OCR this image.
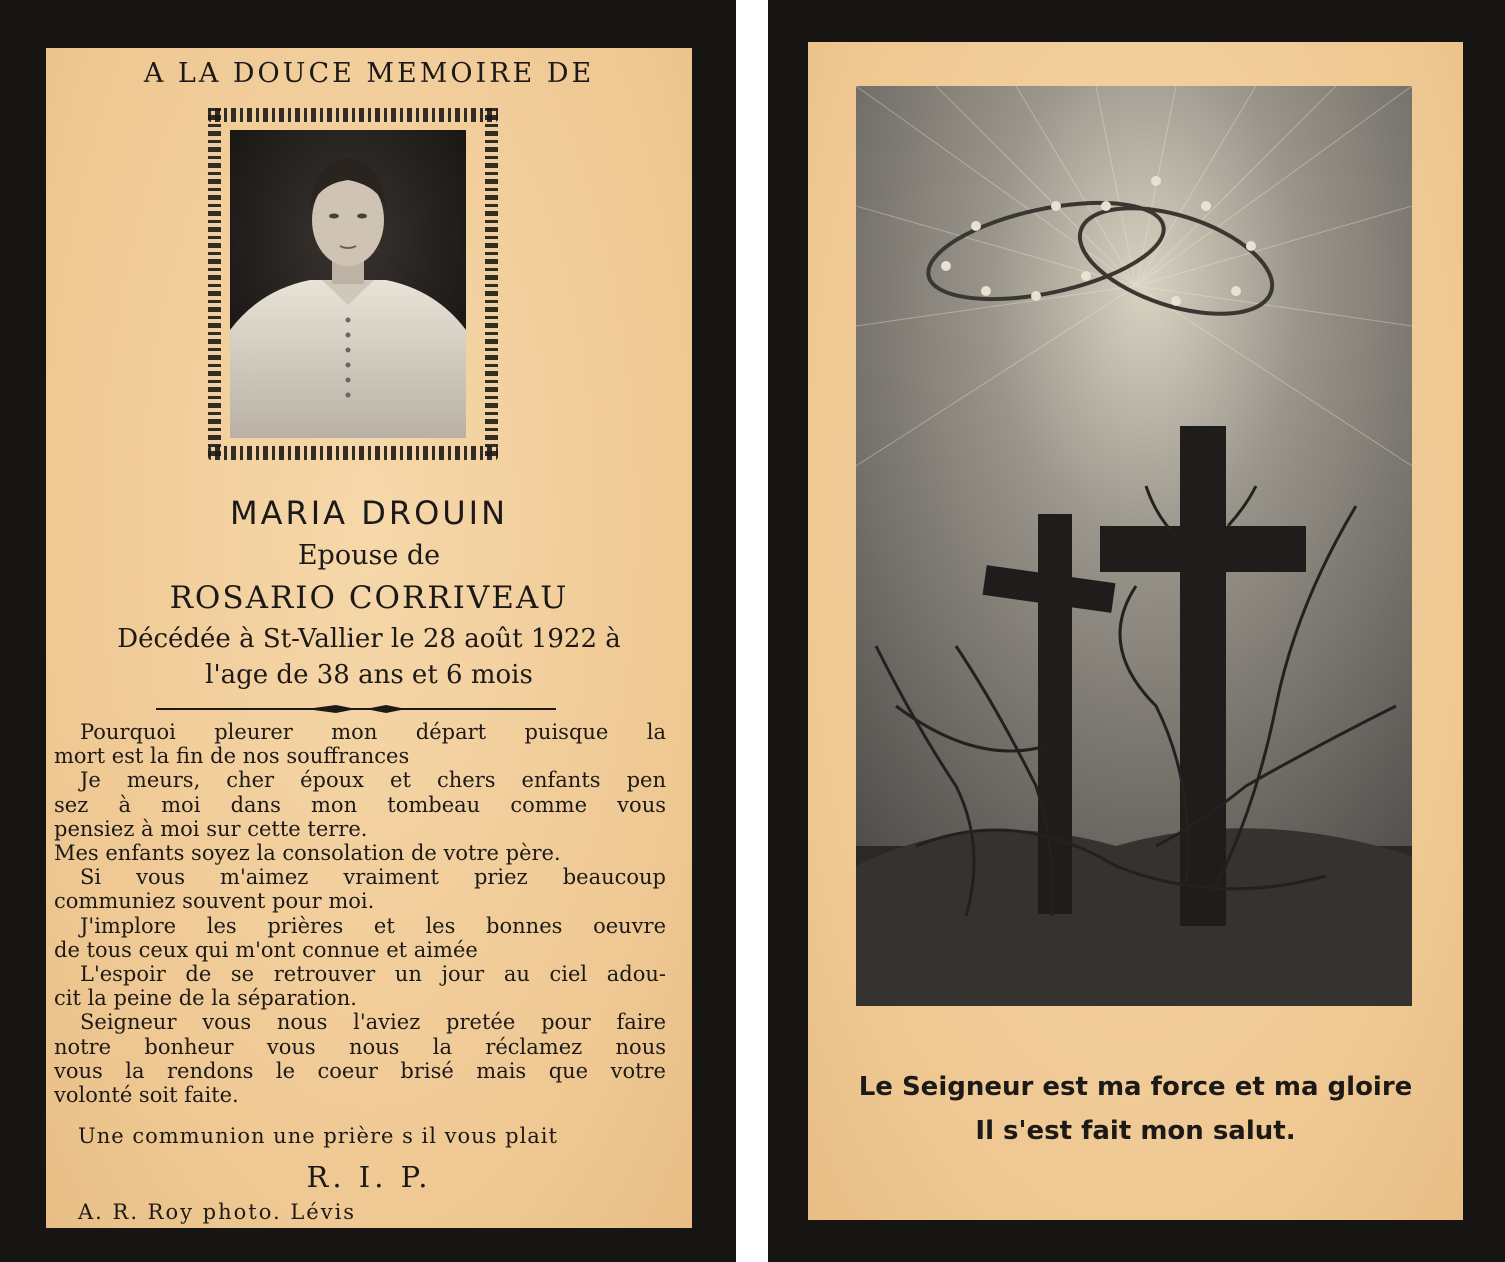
A LA DOUCE MEMOIRE DE
MARIA DROUIN
Epouse de
ROSARIO CORRIVEAU
Décédée à St-Vallier le 28 août 1922 à
l'age de 38 ans et 6 mois

Pourquoi pleurer mon départ puisque la

mort est la fin de nos souffrances

Je meurs, cher époux et chers enfants pen

sez à moi dans mon tombeau comme vous

pensiez à moi sur cette terre.

Mes enfants soyez la consolation de votre père.

Si vous m'aimez vraiment priez beaucoup

communiez souvent pour moi.

J'implore les prières et les bonnes oeuvre

de tous ceux qui m'ont connue et aimée

L'espoir de se retrouver un jour au ciel adou-

cit la peine de la séparation.

Seigneur vous nous l'aviez pretée pour faire

notre bonheur vous nous la réclamez nous

vous la rendons le coeur brisé mais que votre

volonté soit faite.

Une communion une prière s il vous plait
R. I. P.
A. R. Roy photo. Lévis
Le Seigneur est ma force et ma gloire
Il s'est fait mon salut.
